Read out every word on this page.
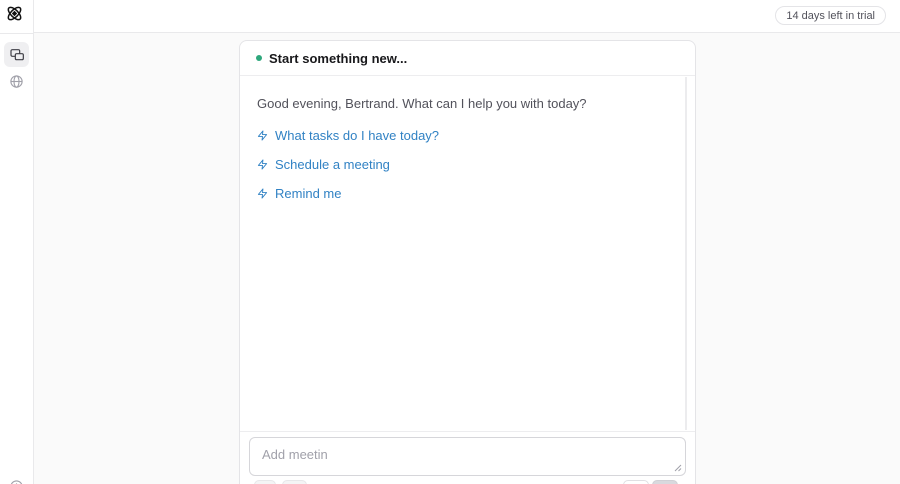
14 days left in trial
Start something new...
Good evening, Bertrand. What can I help you with today?
What tasks do I have today?
Schedule a meeting
Remind me
Add meetin
